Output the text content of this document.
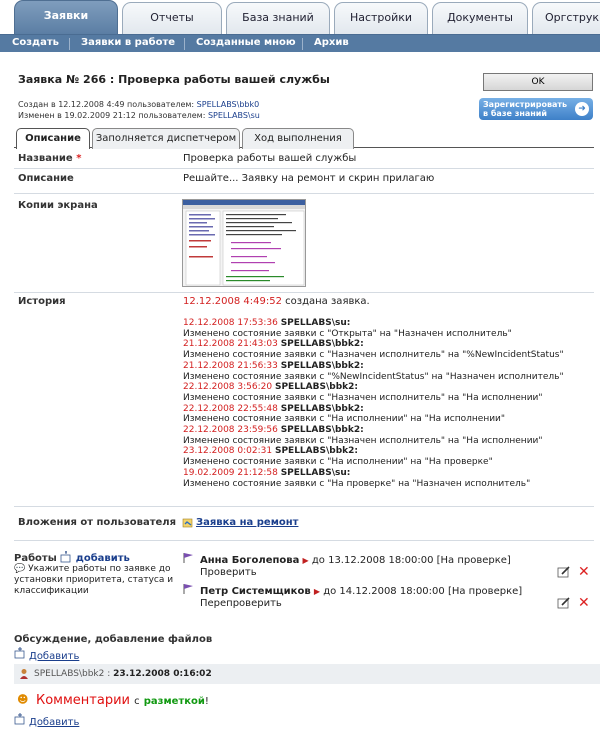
Заявки	Отчеты	База знаний	Настройки	Документы	Оргструк
Создать Заявки в работе Созданные мною Архив
Заявка № 266 : Проверка работы вашей службы
Создан в 12.12.2008 4:49 пользователем: SPELLABS\bbk0
Изменен в 19.02.2009 21:12 пользователем: SPELLABS\su
OK
Зарегистрировать
в базе знаний	➜
Описание	Заполняется диспетчером	Ход выполнения
Название *	Проверка работы вашей службы
Описание	Решайте... Заявку на ремонт и скрин прилагаю
Копии экрана
История	12.12.2008 4:49:52 создана заявка.
12.12.2008 17:53:36 SPELLABS\su:
Изменено состояние заявки с "Открыта" на "Назначен исполнитель"
21.12.2008 21:43:03 SPELLABS\bbk2:
Изменено состояние заявки с "Назначен исполнитель" на "%NewIncidentStatus"
21.12.2008 21:56:33 SPELLABS\bbk2:
Изменено состояние заявки с "%NewIncidentStatus" на "Назначен исполнитель"
22.12.2008 3:56:20 SPELLABS\bbk2:
Изменено состояние заявки с "Назначен исполнитель" на "На исполнении"
22.12.2008 22:55:48 SPELLABS\bbk2:
Изменено состояние заявки с "На исполнении" на "На исполнении"
22.12.2008 23:59:56 SPELLABS\bbk2:
Изменено состояние заявки с "Назначен исполнитель" на "На исполнении"
23.12.2008 0:02:31 SPELLABS\bbk2:
Изменено состояние заявки с "На исполнении" на "На проверке"
19.02.2009 21:12:58 SPELLABS\su:
Изменено состояние заявки с "На проверке" на "Назначен исполнитель"
Вложения от пользователя Заявка на ремонт
Работы добавить
💬 Укажите работы по заявке до установки приоритета, статуса и классификации
Анна Боголепова ▶ до 13.12.2008 18:00:00 [На проверке]
Проверить	✕
Петр Системщиков ▶ до 14.12.2008 18:00:00 [На проверке]
Перепроверить	✕
Обсуждение, добавление файлов
Добавить
SPELLABS\bbk2 : 23.12.2008 0:16:02
☻ Комментарии с разметкой!
Добавить
